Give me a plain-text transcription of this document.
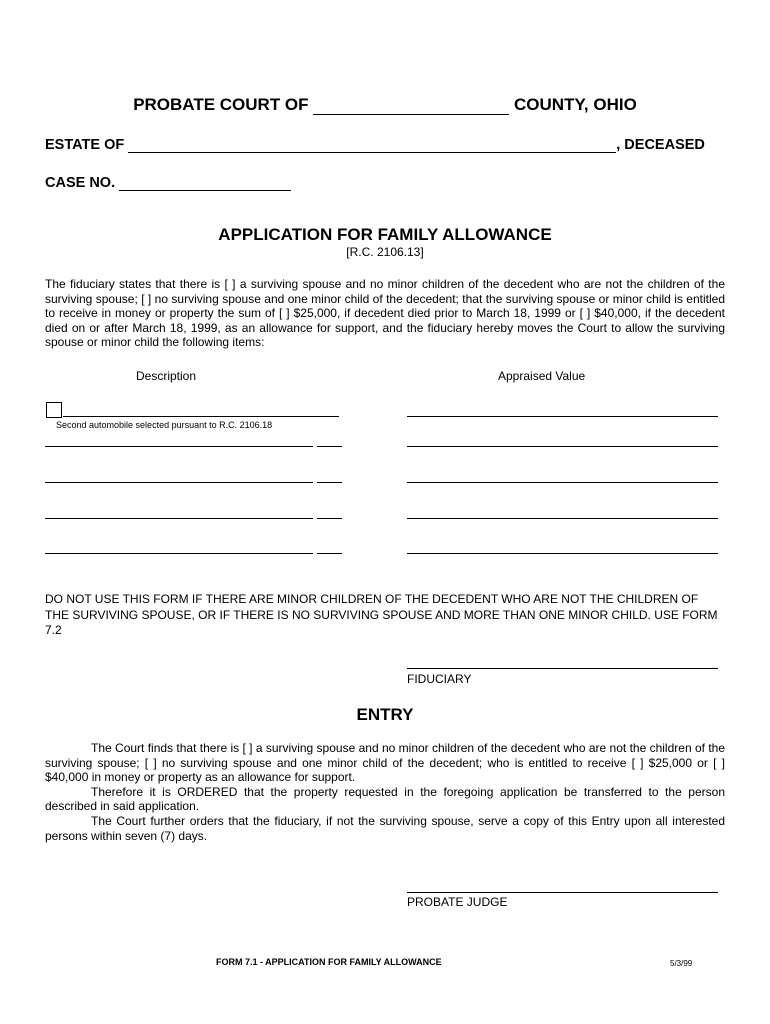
PROBATE COURT OF	COUNTY, OHIO
ESTATE OF	, DECEASED
CASE NO.
APPLICATION FOR FAMILY ALLOWANCE
[R.C. 2106.13]

The fiduciary states that there is [ ] a surviving spouse and no minor children of the decedent who are not the children of the surviving spouse; [ ] no surviving spouse and one minor child of the decedent; that the surviving spouse or minor child is entitled to receive in money or property the sum of [ ] $25,000, if decedent died prior to March 18, 1999 or [ ] $40,000, if the decedent died on or after March 18, 1999, as an allowance for support, and the fiduciary hereby moves the Court to allow the surviving spouse or minor child the following items:

Description	Appraised Value
Second automobile selected pursuant to R.C. 2106.18

DO NOT USE THIS FORM IF THERE ARE MINOR CHILDREN OF THE DECEDENT WHO ARE NOT THE CHILDREN OF THE SURVIVING SPOUSE, OR IF THERE IS NO SURVIVING SPOUSE AND MORE THAN ONE MINOR CHILD. USE FORM 7.2

FIDUCIARY
ENTRY

The Court finds that there is [ ] a surviving spouse and no minor children of the decedent who are not the children of the surviving spouse; [ ] no surviving spouse and one minor child of the decedent; who is entitled to receive [ ] $25,000 or [ ] $40,000 in money or property as an allowance for support.

Therefore it is ORDERED that the property requested in the foregoing application be transferred to the person described in said application.

The Court further orders that the fiduciary, if not the surviving spouse, serve a copy of this Entry upon all interested persons within seven (7) days.

PROBATE JUDGE
FORM 7.1 - APPLICATION FOR FAMILY ALLOWANCE	5/3/99
